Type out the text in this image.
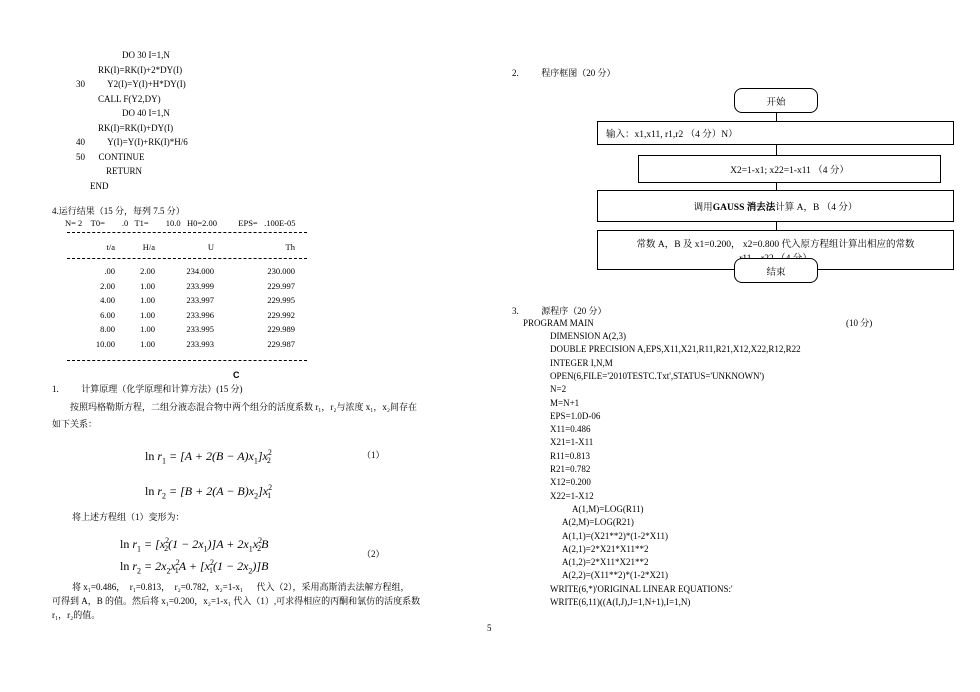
DO 30 I=1,N
RK(I)=RK(I)+2*DY(I)
30          Y2(I)=Y(I)+H*DY(I)
CALL F(Y2,DY)
DO 40 I=1,N
RK(I)=RK(I)+DY(I)
40          Y(I)=Y(I)+RK(I)*H/6
50      CONTINUE
RETURN
END
4.运行结果（15 分，每列 7.5 分）
N= 2    T0=        .0   T1=        10.0   H0=2.00          EPS=   .100E-05
t/a	H/a	U	Th
.00	2.00	234.000	230.000
2.00	1.00	233.999	229.997
4.00	1.00	233.997	229.995
6.00	1.00	233.996	229.992
8.00	1.00	233.995	229.989
10.00	1.00	233.993	229.987
C
1.          计算原理（化学原理和计算方法）(15 分)
按照玛格勒斯方程，二组分液态混合物中两个组分的活度系数 r₁，r₂与浓度 x₁，x₂间存在
如下关系：
$\ln r_1 = [A + 2(B - A)x_1]x^2_2$
（1）
$\ln r_2 = [B + 2(A - B)x_2]x^2_1$
将上述方程组（1）变形为：
$\ln r_1 = [x^2_2(1 - 2x_1)]A + 2x_1x^2_2B$
$\ln r_2 = 2x_2x^2_1A + [x^2_1(1 - 2x_2)]B$
（2）
将 x₁=0.486，  r₁=0.813，  r₂=0.782，x₂=1-x₁      代入（2），采用高斯消去法解方程组，
可得到 A，B 的值。然后将 x₁=0.200，x₂=1-x₁ 代入（1）,可求得相应的丙酮和氯仿的活度系数
r₁，r₂的值。
2.          程序框图（20 分）
开始
输入：x1,x11, r1,r2 （4 分）N）
X2=1-x1; x22=1-x11 （4 分）
调用 GAUSS 消去法 计算 A，B （4 分）
常数 A，B 及 x1=0.200， x2=0.800 代入原方程组计算出相应的常数
结束
3.          源程序（20 分）
PROGRAM MAIN	(10 分)
DIMENSION A(2,3)
DOUBLE PRECISION A,EPS,X11,X21,R11,R21,X12,X22,R12,R22
INTEGER I,N,M
OPEN(6,FILE='2010TESTC.Txt',STATUS='UNKNOWN')
N=2
M=N+1
EPS=1.0D-06
X11=0.486
X21=1-X11
R11=0.813
R21=0.782
X12=0.200
X22=1-X12
A(1,M)=LOG(R11)
A(2,M)=LOG(R21)
A(1,1)=(X21**2)*(1-2*X11)
A(2,1)=2*X21*X11**2
A(1,2)=2*X11*X21**2
A(2,2)=(X11**2)*(1-2*X21)
WRITE(6,*)'ORIGINAL LINEAR EQUATIONS:'
WRITE(6,11)((A(I,J),J=1,N+1),I=1,N)
5
